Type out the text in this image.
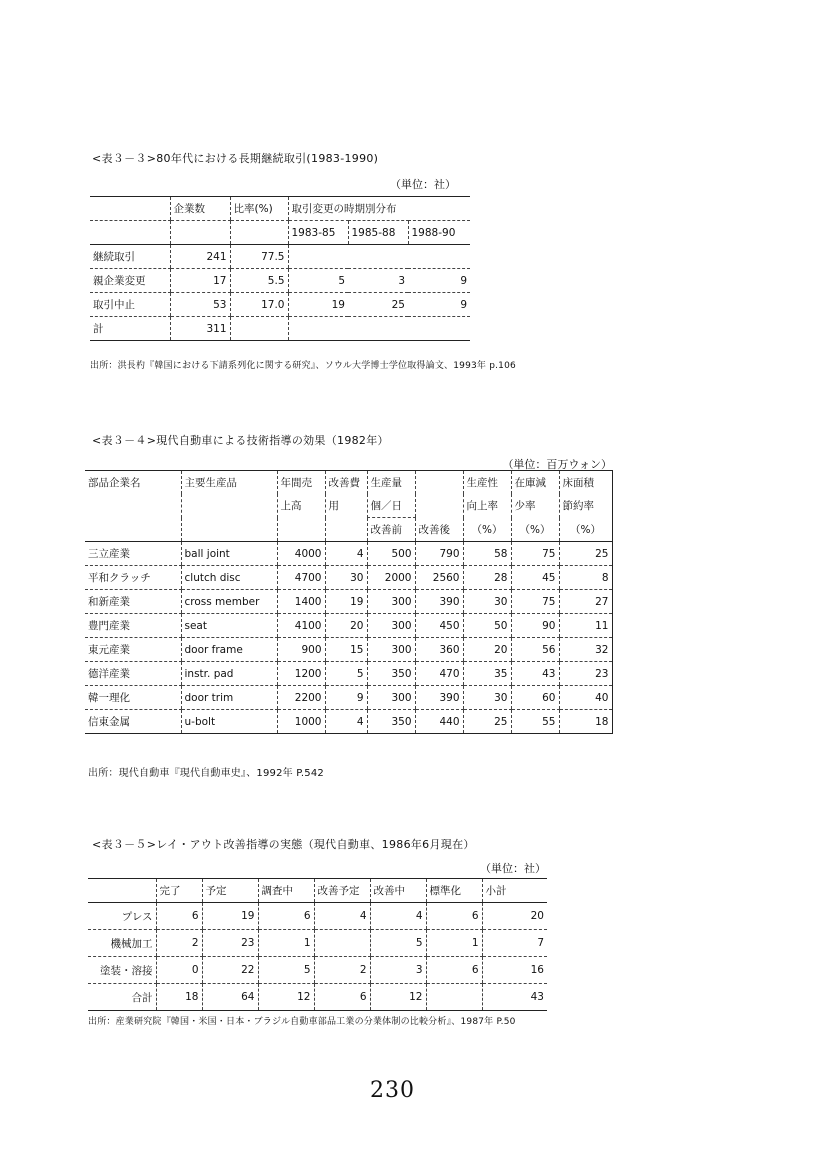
<表３－３>80年代における長期継続取引(1983-1990)
（単位：社）
	企業数	比率(%)	取引変更の時期別分布		
			1983-85	1985-88	1988-90
継続取引	241	77.5			
親企業変更	17	5.5	5	3	9
取引中止	53	17.0	19	25	9
計	311				
出所：洪長杓『韓国における下請系列化に関する研究』、ソウル大学博士学位取得論文、1993年 p.106
<表３－４>現代自動車による技術指導の効果（1982年）
（単位：百万ウォン）
部品企業名	主要生産品	年間売	改善費	生産量		生産性	在庫減	床面積
		上高	用	個／日		向上率	少率	節約率
				改善前	改善後	（%）	（%）	（%）
三立産業	ball joint	4000	4	500	790	58	75	25
平和クラッチ	clutch disc	4700	30	2000	2560	28	45	8
和新産業	cross member	1400	19	300	390	30	75	27
豊門産業	seat	4100	20	300	450	50	90	11
東元産業	door frame	900	15	300	360	20	56	32
德洋産業	instr. pad	1200	5	350	470	35	43	23
韓一理化	door trim	2200	9	300	390	30	60	40
信東金属	u-bolt	1000	4	350	440	25	55	18
出所：現代自動車『現代自動車史』、1992年 P.542
<表３－５>レイ・アウト改善指導の実態（現代自動車、1986年6月現在）
（単位：社）
	完了	予定	調査中	改善予定	改善中	標準化	小計
プレス	6	19	6	4	4	6	20
機械加工	2	23	1		5	1	7
塗装・溶接	0	22	5	2	3	6	16
合計	18	64	12	6	12		43
出所：産業研究院『韓国・米国・日本・ブラジル自動車部品工業の分業体制の比較分析』、1987年 P.50
230
